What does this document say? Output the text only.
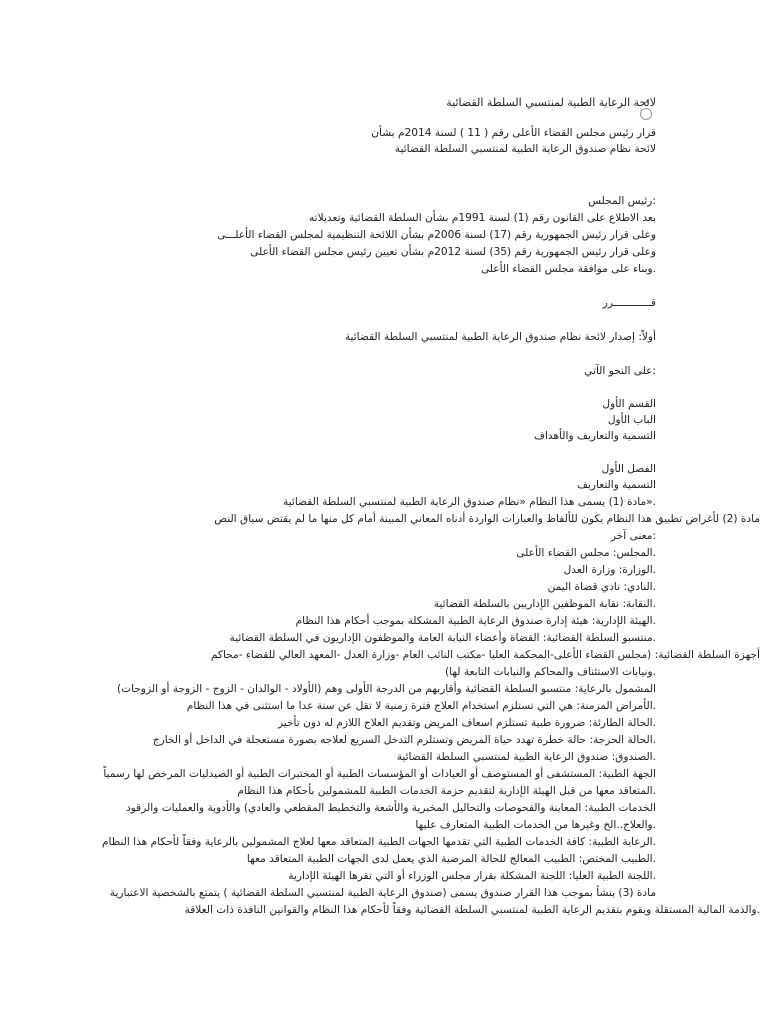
لائحة الرعاية الطبية لمنتسبي السلطة القضائية

قرار رئيس مجلس القضاء الأعلى رقم ( 11 ) لسنة 2014م بشأن

لائحة نظام صندوق الرعاية الطبية لمنتسبي السلطة القضائية

:رئيس المجلس

بعد الاطلاع على القانون رقم (1) لسنة 1991م بشأن السلطة القضائية وتعديلاته

وعلى قرار رئيس الجمهورية رقم (17) لسنة 2006م بشأن اللائحة التنظيمية لمجلس القضاء الأعلـــى

وعلى قرار رئيس الجمهورية رقم (35) لسنة 2012م بشأن تعيين رئيس مجلس القضاء الأعلى

.وبناء على موافقة مجلس القضاء الأعلى

قــــــــــــرر

أولاً: إصدار لائحة نظام صندوق الرعاية الطبية لمنتسبي السلطة القضائية

:على النحو الآتي

القسم الأول

الباب الأول

التسمية والتعاريف والأهداف

الفصل الأول

التسمية والتعاريف

.«مادة (1) يسمى هذا النظام «نظام صندوق الرعاية الطبية لمنتسبي السلطة القضائية

مادة (2) لأغراض تطبيق هذا النظام يكون للألفاظ والعبارات الواردة أدناه المعاني المبينة أمام كل منها ما لم يقتض سياق النص

:معنى آخر

.المجلس: مجلس القضاء الأعلى

.الوزارة: وزارة العدل

.النادي: نادي قضاة اليمن

.النقابة: نقابة الموظفين الإداريين بالسلطة القضائية

.الهيئة الإدارية: هيئة إدارة صندوق الرعاية الطبية المشكلة بموجب أحكام هذا النظام

.منتسبو السلطة القضائية: القضاة وأعضاء النيابة العامة والموظفون الإداريون في السلطة القضائية

أجهزة السلطة القضائية: (مجلس القضاء الأعلى-المحكمة العليا -مكتب النائب العام -وزارة العدل -المعهد العالي للقضاء -محاكم

.ونيابات الاستئناف والمحاكم والنيابات التابعة لها)

المشمول بالرعاية: منتسبو السلطة القضائية وأقاربهم من الدرجة الأولى وهم (الأولاد - الوالدان - الزوج - الزوجة أو الزوجات)

.الأمراض المزمنة: هي التي تستلزم استخدام العلاج فترة زمنية لا تقل عن سنة عدا ما استثنى في هذا النظام

.الحالة الطارئة: ضرورة طبية تستلزم اسعاف المريض وتقديم العلاج اللازم له دون تأخير

.الحالة الحرجة: حالة خطرة تهدد حياة المريض وتستلزم التدخل السريع لعلاجه بصورة مستعجلة في الداخل أو الخارج

.الصندوق: صندوق الرعاية الطبية لمنتسبي السلطة القضائية

الجهة الطبية: المستشفى أو المستوصف أو العيادات أو المؤسسات الطبية أو المختبرات الطبية أو الصيدليات المرخص لها رسمياً

.المتعاقد معها من قبل الهيئة الإدارية لتقديم حزمة الخدمات الطبية للمشمولين بأحكام هذا النظام

الخدمات الطبية: المعاينة والفحوصات والتحاليل المخبرية والأشعة والتخطيط المقطعي والعادي) والأدوية والعمليات والرقود

.والعلاج..الخ وغيرها من الخدمات الطبية المتعارف عليها

.الرعاية الطبية: كافة الخدمات الطبية التي تقدمها الجهات الطبية المتعاقد معها لعلاج المشمولين بالرعاية وفقاً لأحكام هذا النظام

.الطبيب المختص: الطبيب المعالج للحالة المرضية الذي يعمل لدى الجهات الطبية المتعاقد معها

.اللجنة الطبية العليا: اللجنة المشكلة بقرار مجلس الوزراء أو التي تقرها الهيئة الإدارية

مادة (3) ينشأ بموجب هذا القرار صندوق يسمى (صندوق الرعاية الطبية لمنتسبي السلطة القضائية ) يتمتع بالشخصية الاعتبارية

.والذمة المالية المستقلة ويقوم بتقديم الرعاية الطبية لمنتسبي السلطة القضائية وفقاً لأحكام هذا النظام والقوانين النافذة ذات العلاقة
